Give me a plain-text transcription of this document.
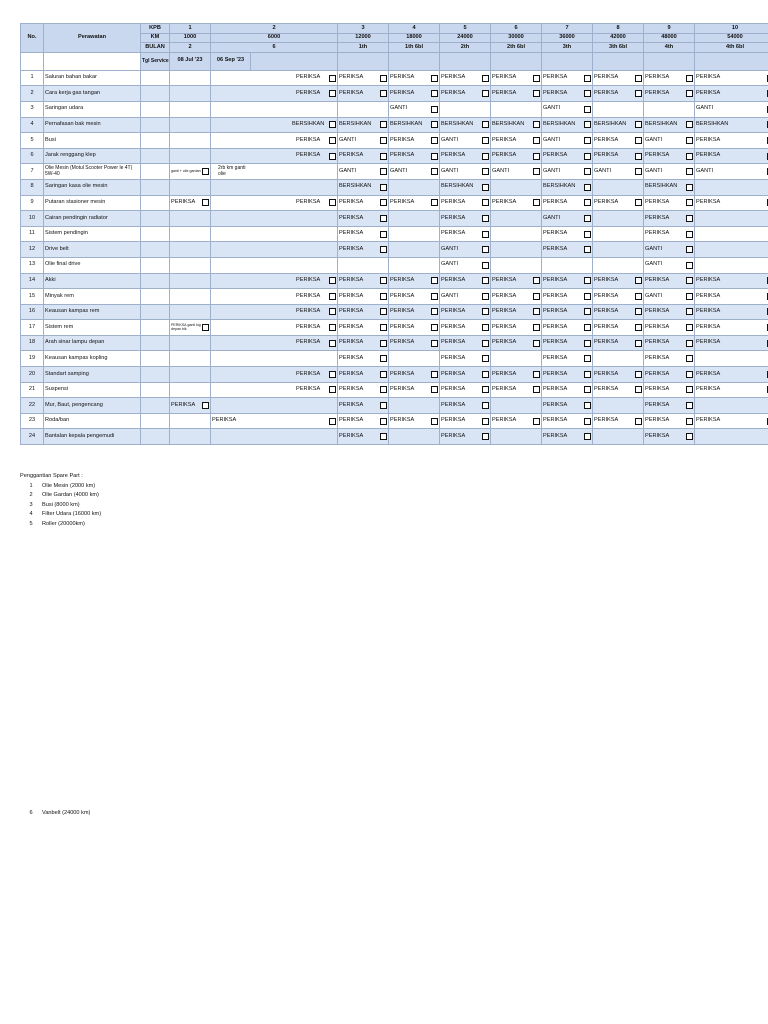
No.	Perawatan	KPB	1	2		3	4	5	6	7	8	9	10
		KM	1000	6000		12000	18000	24000	30000	36000	42000	48000	54000
		BULAN	2	6		1th	1th 6bl	2th	2th 6bl	3th	3th 6bl	4th	4th 6bl
		Tgl Service	08 Jul '23	06 Sep '23									
1	Saluran bahan bakar			PERIKSA		PERIKSA	PERIKSA	PERIKSA	PERIKSA	PERIKSA	PERIKSA	PERIKSA	PERIKSA

2	Cara kerja gas tangan			PERIKSA		PERIKSA	PERIKSA	PERIKSA	PERIKSA	PERIKSA	PERIKSA	PERIKSA	PERIKSA

3	Saringan udara						GANTI			GANTI			GANTI

4	Pernafasan bak mesin			BERSIHKAN		BERSIHKAN	BERSIHKAN	BERSIHKAN	BERSIHKAN	BERSIHKAN	BERSIHKAN	BERSIHKAN	BERSIHKAN

5	Busi			PERIKSA		GANTI	PERIKSA	GANTI	PERIKSA	GANTI	PERIKSA	GANTI	PERIKSA

6	Jarak renggang klep			PERIKSA		PERIKSA	PERIKSA	PERIKSA	PERIKSA	PERIKSA	PERIKSA	PERIKSA	PERIKSA

7	Olie Mesin (Motul Scooter Power le 4T) 5W-40		ganti + oile gardan	2rb km ganti olie		GANTI	GANTI	GANTI	GANTI	GANTI	GANTI	GANTI	GANTI

8	Saringan kasa olie mesin					BERSIHKAN		BERSIHKAN		BERSIHKAN		BERSIHKAN	

9	Putaran stasioner mesin		PERIKSA	PERIKSA		PERIKSA	PERIKSA	PERIKSA	PERIKSA	PERIKSA	PERIKSA	PERIKSA	PERIKSA

10	Cairan pendingin radiator					PERIKSA		PERIKSA		GANTI		PERIKSA	

11	Sistem pendingin					PERIKSA		PERIKSA		PERIKSA		PERIKSA	

12	Drive belt					PERIKSA		GANTI		PERIKSA		GANTI	

13	Olie final drive							GANTI				GANTI	

14	Akki			PERIKSA		PERIKSA	PERIKSA	PERIKSA	PERIKSA	PERIKSA	PERIKSA	PERIKSA	PERIKSA

15	Minyak rem			PERIKSA		PERIKSA	PERIKSA	GANTI	PERIKSA	PERIKSA	PERIKSA	GANTI	PERIKSA

16	Keausan kampas rem			PERIKSA		PERIKSA	PERIKSA	PERIKSA	PERIKSA	PERIKSA	PERIKSA	PERIKSA	PERIKSA

17	Sistem rem		PERIKSA ganti kig depan blk	PERIKSA		PERIKSA	PERIKSA	PERIKSA	PERIKSA	PERIKSA	PERIKSA	PERIKSA	PERIKSA

18	Arah sinar lampu depan			PERIKSA		PERIKSA	PERIKSA	PERIKSA	PERIKSA	PERIKSA	PERIKSA	PERIKSA	PERIKSA

19	Keausan kampas kopling					PERIKSA		PERIKSA		PERIKSA		PERIKSA	

20	Standart samping			PERIKSA		PERIKSA	PERIKSA	PERIKSA	PERIKSA	PERIKSA	PERIKSA	PERIKSA	PERIKSA

21	Suspensi			PERIKSA		PERIKSA	PERIKSA	PERIKSA	PERIKSA	PERIKSA	PERIKSA	PERIKSA	PERIKSA

22	Mur, Baut, pengencang		PERIKSA			PERIKSA		PERIKSA		PERIKSA		PERIKSA	

23	Roda/ban			PERIKSA		PERIKSA	PERIKSA	PERIKSA	PERIKSA	PERIKSA	PERIKSA	PERIKSA	PERIKSA

24	Bantalan kepala pengemudi					PERIKSA		PERIKSA		PERIKSA		PERIKSA	

Penggantian Spare Part :
1	Olie Mesin (2000 km)
2	Olie Gardan (4000 km)
3	Busi (8000 km)
4	Filter Udara (16000 km)
5	Roller (20000km)
6	Vanbelt (24000 km)
